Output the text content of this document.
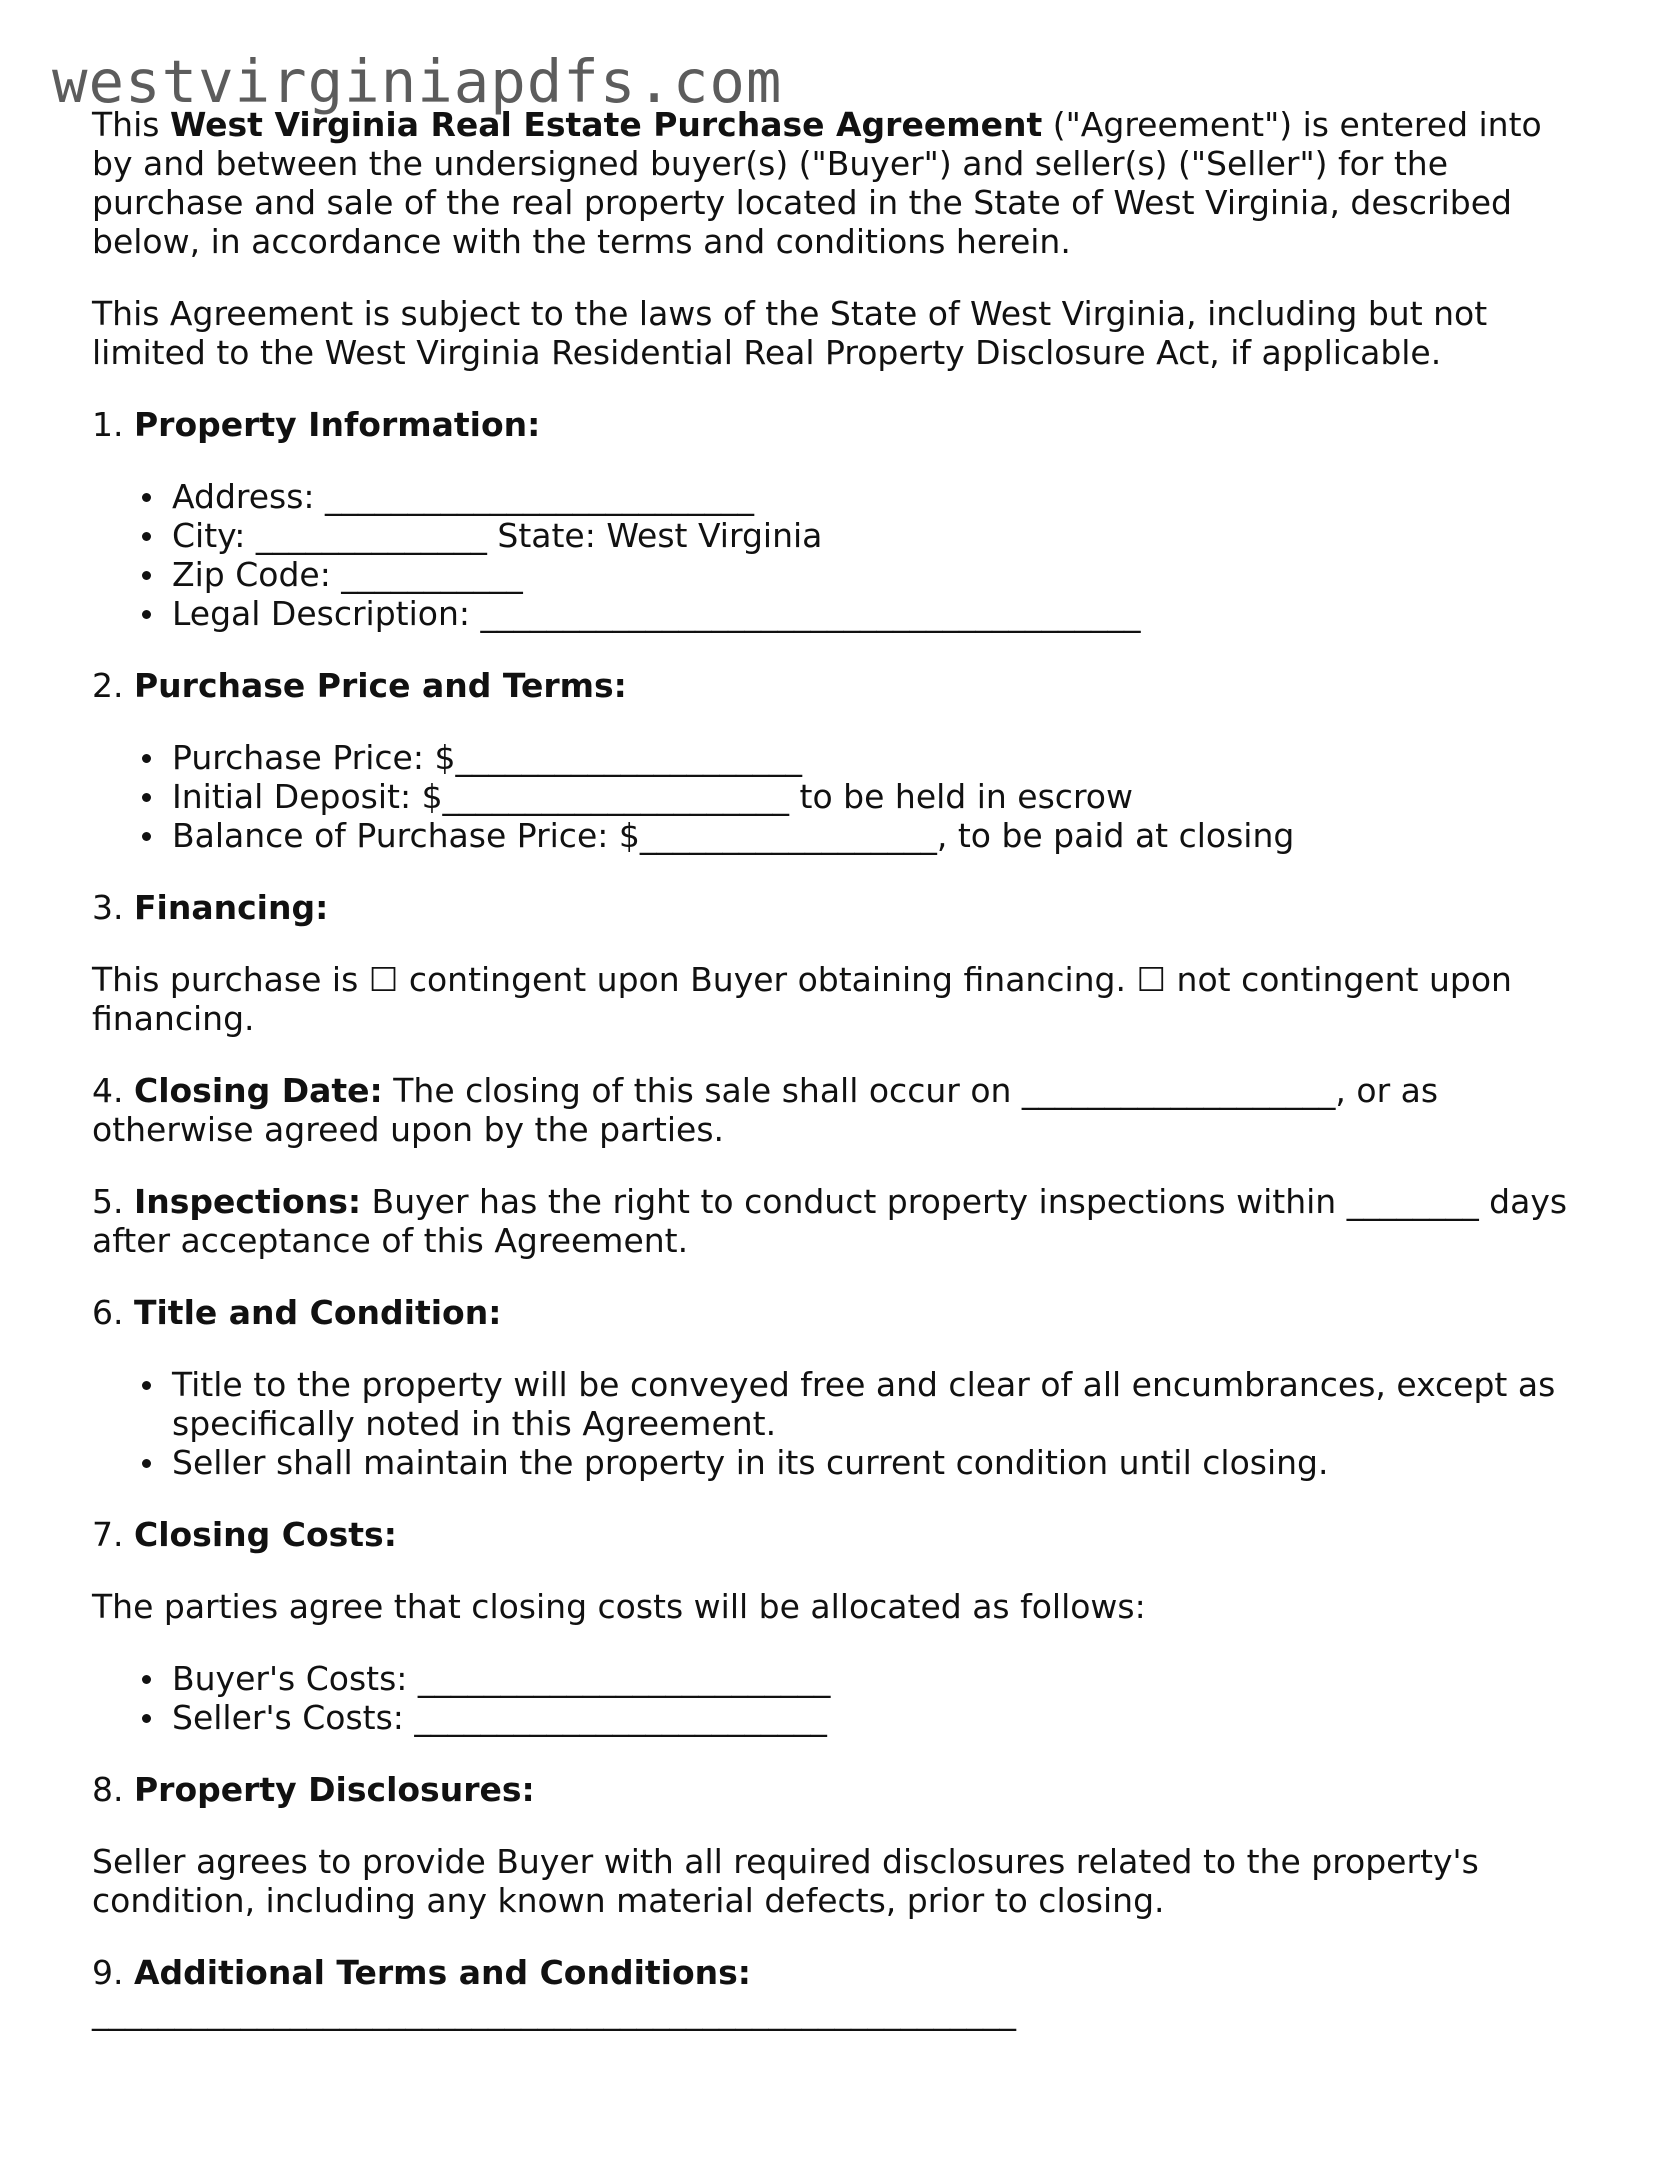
westvirginiapdfs.com

This West Virginia Real Estate Purchase Agreement ("Agreement") is entered into by and between the undersigned buyer(s) ("Buyer") and seller(s) ("Seller") for the purchase and sale of the real property located in the State of West Virginia, described below, in accordance with the terms and conditions herein.

This Agreement is subject to the laws of the State of West Virginia, including but not limited to the West Virginia Residential Real Property Disclosure Act, if applicable.

1. Property Information:
Address: __________________________
City: ______________ State: West Virginia
Zip Code: ___________
Legal Description: ________________________________________
2. Purchase Price and Terms:
Purchase Price: $_____________________
Initial Deposit: $_____________________ to be held in escrow
Balance of Purchase Price: $__________________, to be paid at closing
3. Financing:

This purchase is ☐ contingent upon Buyer obtaining financing. ☐ not contingent upon financing.

4. Closing Date: The closing of this sale shall occur on ___________________, or as otherwise agreed upon by the parties.

5. Inspections: Buyer has the right to conduct property inspections within ________ days after acceptance of this Agreement.

6. Title and Condition:
Title to the property will be conveyed free and clear of all encumbrances, except as specifically noted in this Agreement.
Seller shall maintain the property in its current condition until closing.
7. Closing Costs:

The parties agree that closing costs will be allocated as follows:

Buyer's Costs: _________________________
Seller's Costs: _________________________
8. Property Disclosures:

Seller agrees to provide Buyer with all required disclosures related to the property's condition, including any known material defects, prior to closing.

9. Additional Terms and Conditions:
________________________________________________________
